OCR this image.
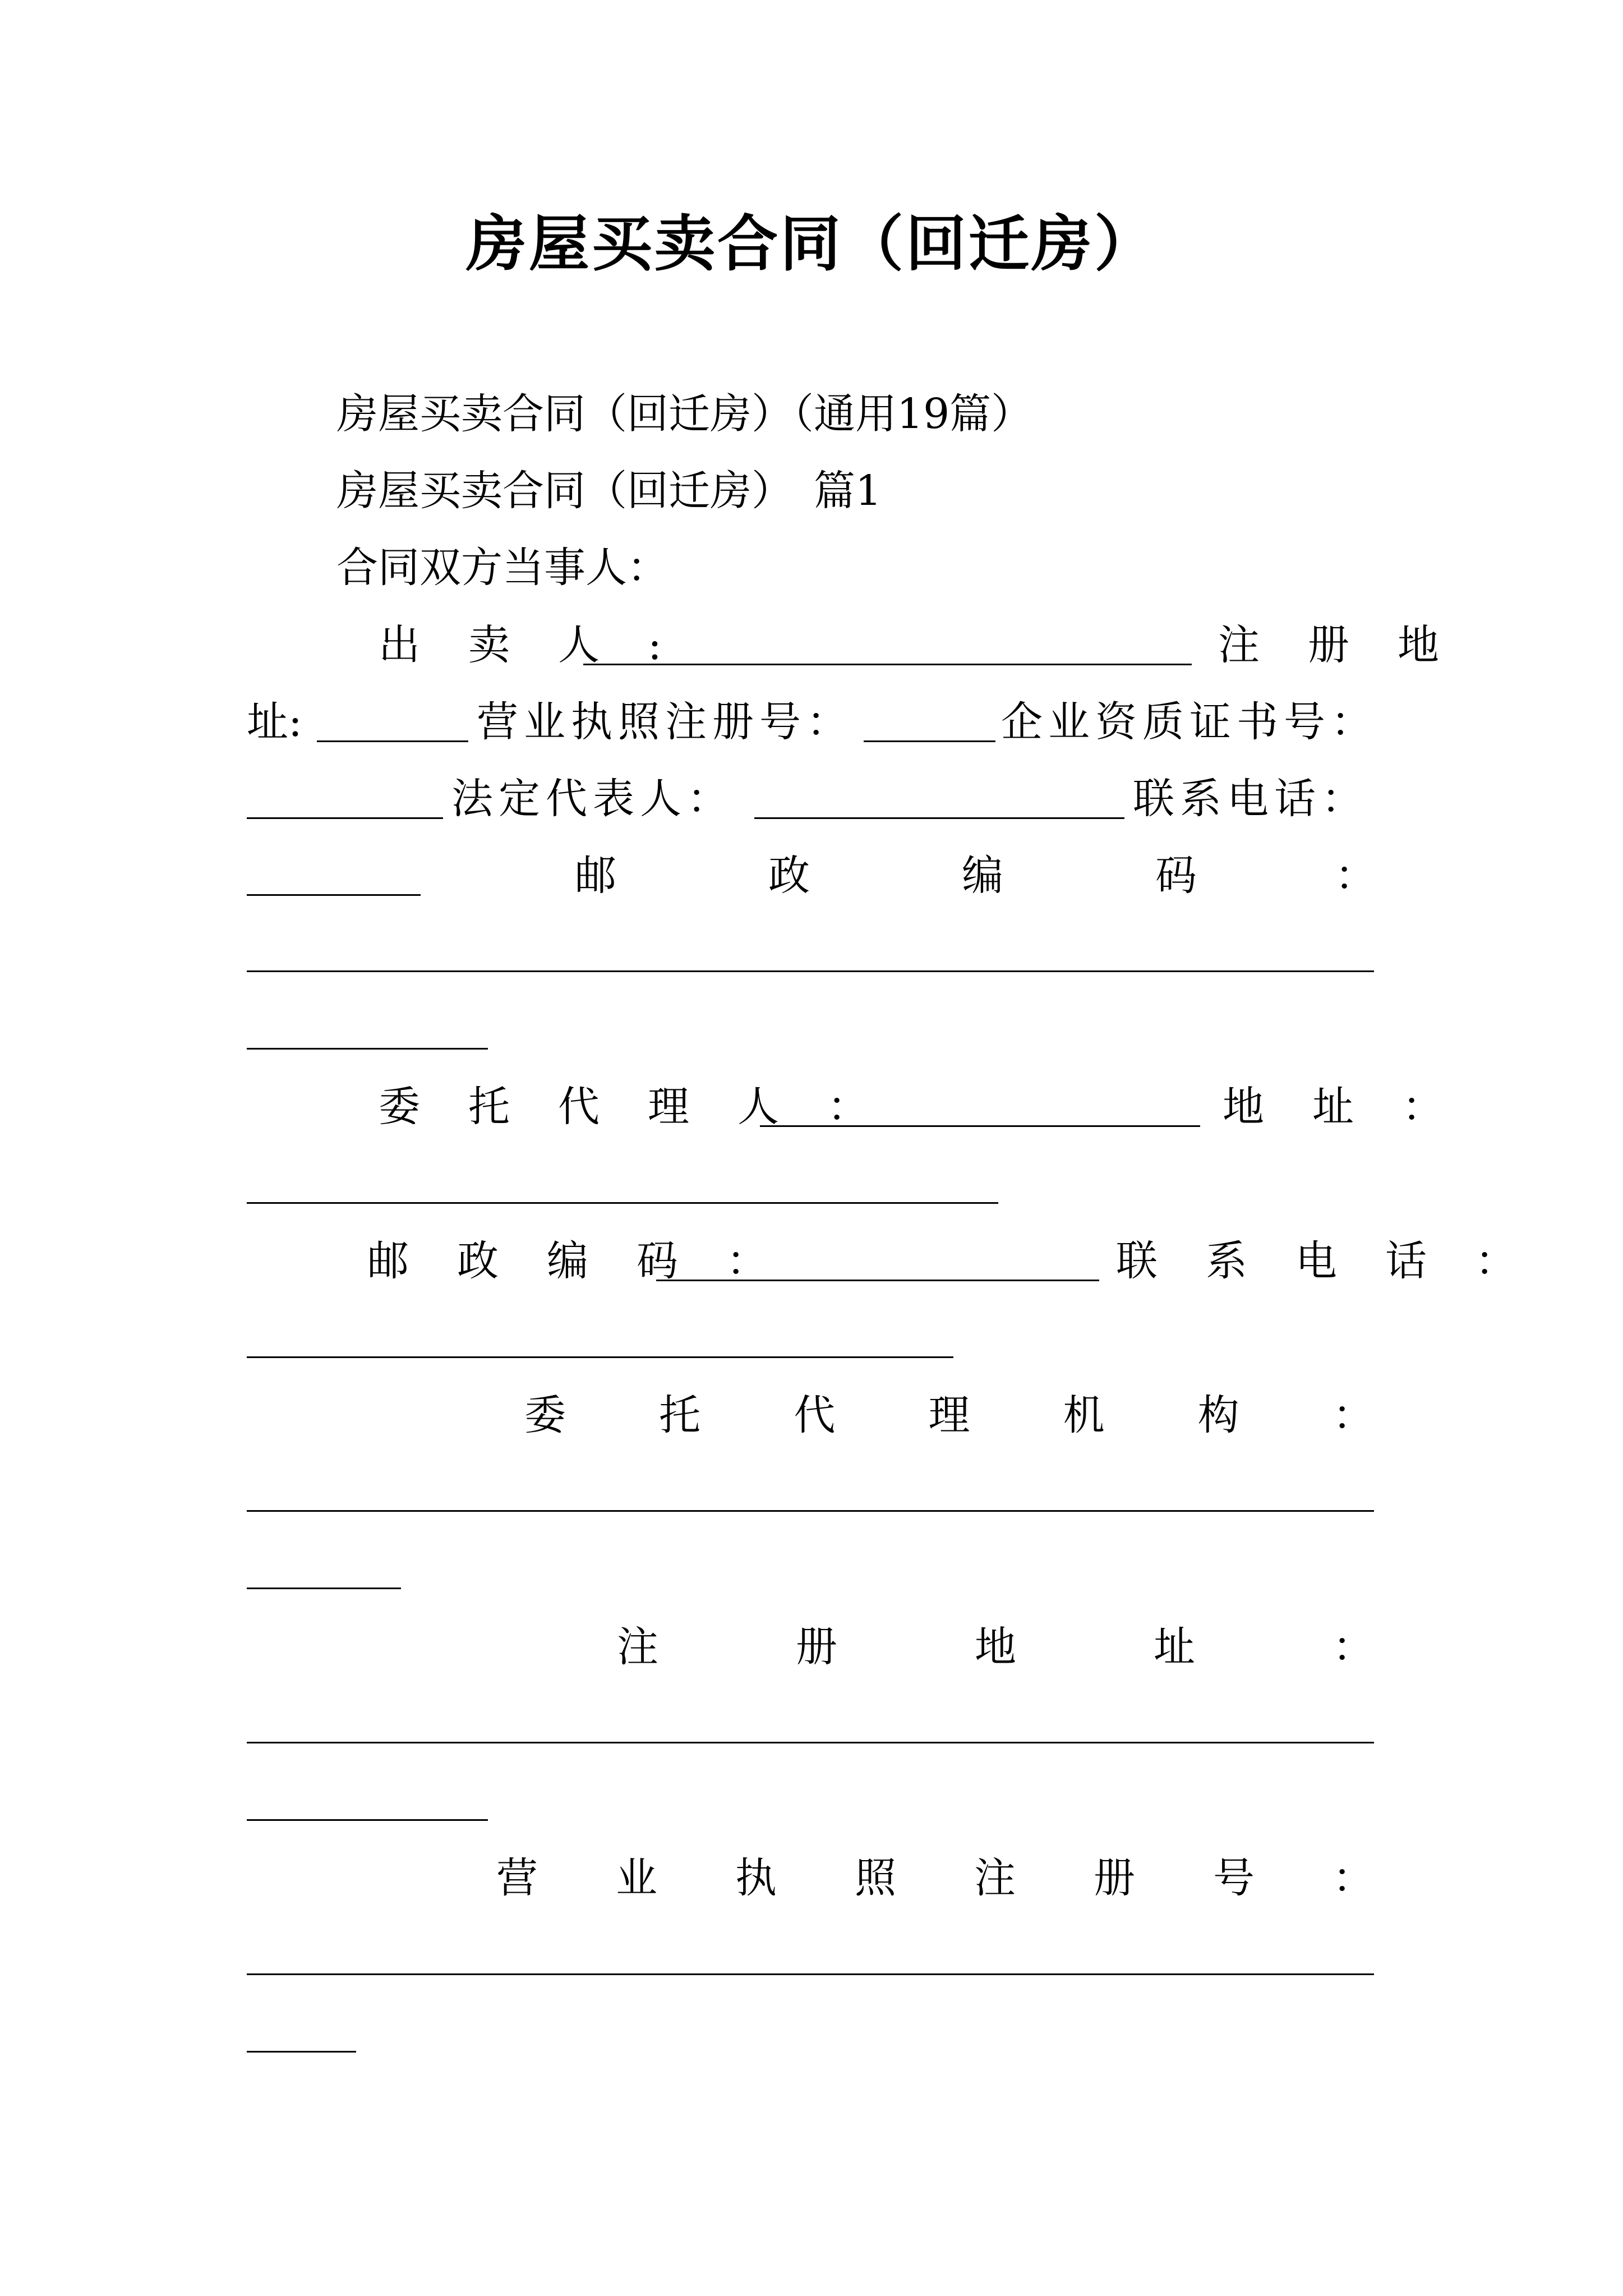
房屋买卖合同（回迁房）
房屋买卖合同（回迁房）（通用19篇）
房屋买卖合同（回迁房）　篇1
合同双方当事人：
出　卖　人　:	注　册　地
址:	营业执照注册号：	企业资质证书号：
法定代表人：	联系电话：
邮	政	编	码	：
委　托　代　理　人　：	地　址　：
邮　政　编　码　：	联　系　电　话　：
委 托 代 理 机 构 ：
注	册	地	址	：
营 业 执 照 注 册 号 ：
